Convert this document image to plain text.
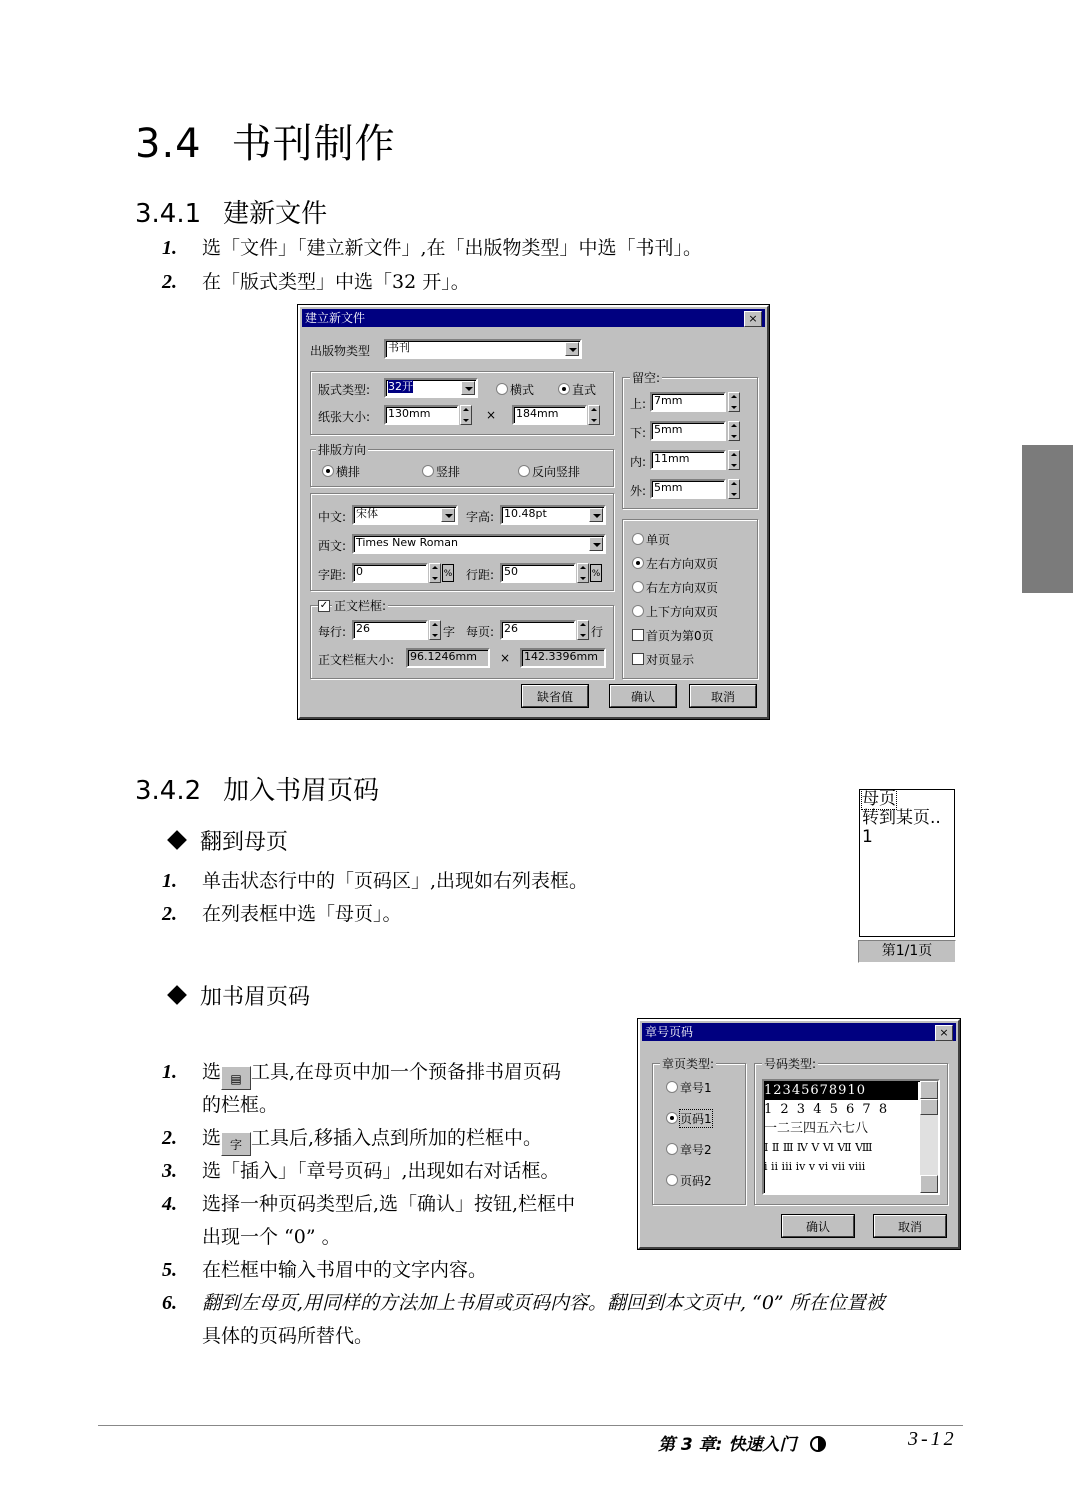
3.4 书刊制作
3.4.1 建新文件
1. 选「文件」「建立新文件」,在「出版物类型」中选「书刊」。
2. 在「版式类型」中选「32 开」。
建立新文件	×
出版物类型	书刊
版式类型:	32开	横式	直式
纸张大小:	130mm	×	184mm
排版方向
横排	竖排	反向竖排
中文: 宋体	字高: 10.48pt
西文: Times New Roman
字距: 0	% 行距: 50	%
✓ 正文栏框:
每行: 26	字 每页: 26	行
正文栏框大小:	96.1246mm	×	142.3396mm
留空:
上: 7mm
下: 5mm
内: 11mm
外: 5mm
单页
左右方向双页
右左方向双页
上下方向双页
首页为第0页
对页显示
缺省值	确认	取消
3.4.2 加入书眉页码
翻到母页
1. 单击状态行中的「页码区」,出现如右列表框。
2. 在列表框中选「母页」。
母页
转到某页..
1
第1/1页
加书眉页码
1. 选 ▤ 工具,在母页中加一个预备排书眉页码
的栏框。
2. 选 字 工具后,移插入点到所加的栏框中。
3. 选「插入」「章号页码」,出现如右对话框。
4. 选择一种页码类型后,选「确认」按钮,栏框中
出现一个 “0” 。
5. 在栏框中输入书眉中的文字内容。
6. 翻到左母页,用同样的方法加上书眉或页码内容。翻回到本文页中, “0” 所在位置被
具体的页码所替代。
章号页码	×
章页类型:
章号1
页码1
章号2
页码2
号码类型:
12345678910
1 2 3 4 5 6 7 8
一二三四五六七八
Ⅰ Ⅱ Ⅲ Ⅳ Ⅴ Ⅵ Ⅶ Ⅷ
i ii iii iv v vi vii viii
确认	取消
第 3 章: 快速入门	3-12
